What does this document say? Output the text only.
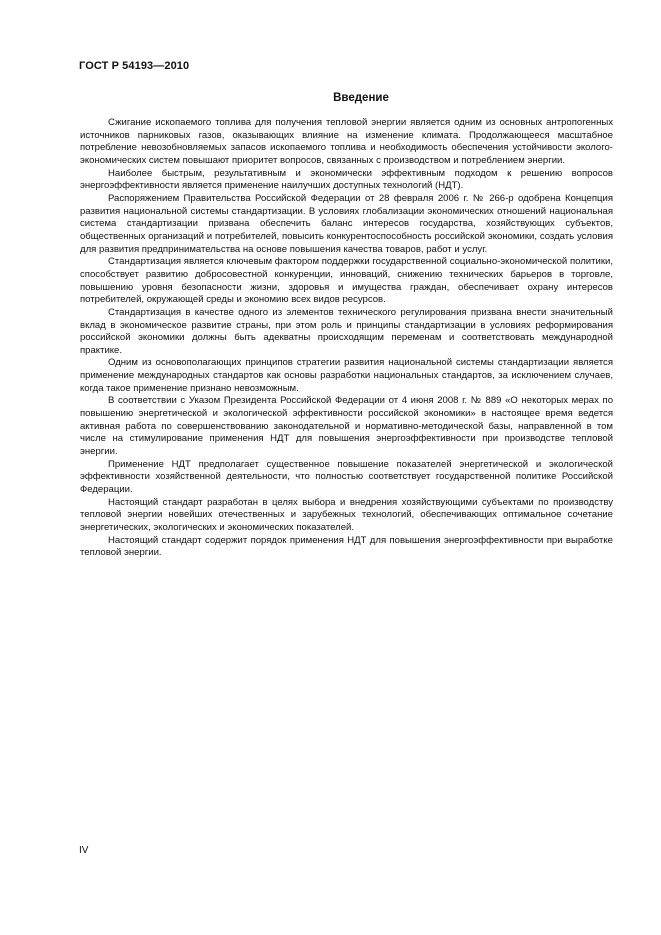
ГОСТ Р 54193—2010
Введение

Сжигание ископаемого топлива для получения тепловой энергии является одним из основных антропогенных источников парниковых газов, оказывающих влияние на изменение климата. Продолжающееся масштабное потребление невозобновляемых запасов ископаемого топлива и необходимость обеспечения устойчивости эколого-экономических систем повышают приоритет вопросов, связанных с производством и потреблением энергии.

Наиболее быстрым, результативным и экономически эффективным подходом к решению вопросов энергоэффективности является применение наилучших доступных технологий (НДТ).

Распоряжением Правительства Российской Федерации от 28 февраля 2006 г. № 266-р одобрена Концепция развития национальной системы стандартизации. В условиях глобализации экономических отношений национальная система стандартизации призвана обеспечить баланс интересов государства, хозяйствующих субъектов, общественных организаций и потребителей, повысить конкурентоспособность российской экономики, создать условия для развития предпринимательства на основе повышения качества товаров, работ и услуг.

Стандартизация является ключевым фактором поддержки государственной социально-экономической политики, способствует развитию добросовестной конкуренции, инноваций, снижению технических барьеров в торговле, повышению уровня безопасности жизни, здоровья и имущества граждан, обеспечивает охрану интересов потребителей, окружающей среды и экономию всех видов ресурсов.

Стандартизация в качестве одного из элементов технического регулирования призвана внести значительный вклад в экономическое развитие страны, при этом роль и принципы стандартизации в условиях реформирования российской экономики должны быть адекватны происходящим переменам и соответствовать международной практике.

Одним из основополагающих принципов стратегии развития национальной системы стандартизации является применение международных стандартов как основы разработки национальных стандартов, за исключением случаев, когда такое применение признано невозможным.

В соответствии с Указом Президента Российской Федерации от 4 июня 2008 г. № 889 «О некоторых мерах по повышению энергетической и экологической эффективности российской экономики» в настоящее время ведется активная работа по совершенствованию законодательной и нормативно-методической базы, направленной в том числе на стимулирование применения НДТ для повышения энергоэффективности при производстве тепловой энергии.

Применение НДТ предполагает существенное повышение показателей энергетической и экологической эффективности хозяйственной деятельности, что полностью соответствует государственной политике Российской Федерации.

Настоящий стандарт разработан в целях выбора и внедрения хозяйствующими субъектами по производству тепловой энергии новейших отечественных и зарубежных технологий, обеспечивающих оптимальное сочетание энергетических, экологических и экономических показателей.

Настоящий стандарт содержит порядок применения НДТ для повышения энергоэффективности при выработке тепловой энергии.

IV
